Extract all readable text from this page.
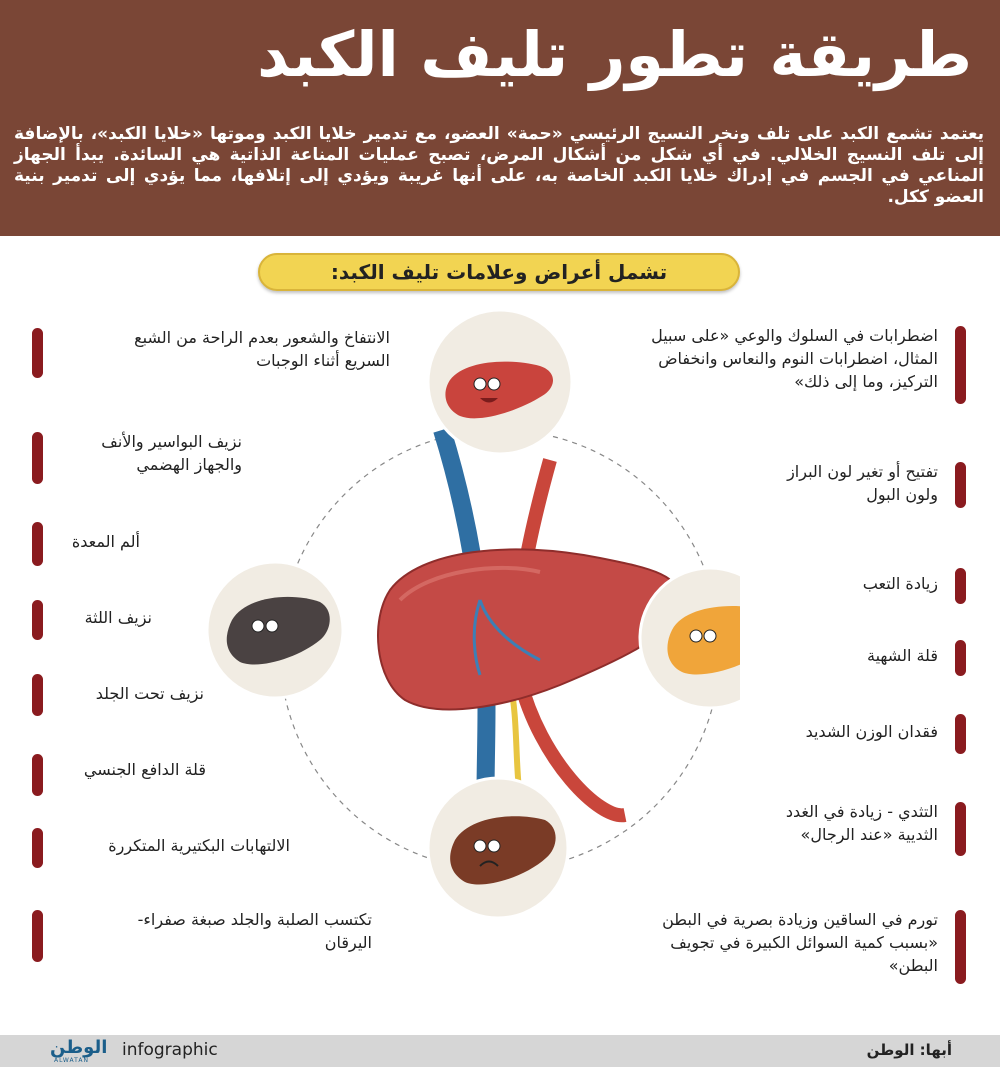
طريقة تطور تليف الكبد
يعتمد تشمع الكبد على تلف ونخر النسيج الرئيسي «حمة» العضو، مع تدمير خلايا الكبد وموتها «خلايا الكبد»، بالإضافة إلى تلف النسيج الخلالي. في أي شكل من أشكال المرض، تصبح عمليات المناعة الذاتية هي السائدة. يبدأ الجهاز المناعي في الجسم في إدراك خلايا الكبد الخاصة به، على أنها غريبة ويؤدي إلى إتلافها، مما يؤدي إلى تدمير بنية العضو ككل.
تشمل أعراض وعلامات تليف الكبد:
اضطرابات في السلوك والوعي «على سبيل
المثال، اضطرابات النوم والنعاس وانخفاض
التركيز، وما إلى ذلك»
تفتيح أو تغير لون البراز
ولون البول
زيادة التعب
قلة الشهية
فقدان الوزن الشديد
التثدي - زيادة في الغدد
الثديية «عند الرجال»
تورم في الساقين وزيادة بصرية في البطن
«بسبب كمية السوائل الكبيرة في تجويف
البطن»
الانتفاخ والشعور بعدم الراحة من الشبع
السريع أثناء الوجبات
نزيف البواسير والأنف
والجهاز الهضمي
ألم المعدة
نزيف اللثة
نزيف تحت الجلد
قلة الدافع الجنسي
الالتهابات البكتيرية المتكررة
تكتسب الصلبة والجلد صبغة صفراء-
اليرقان
أبها: الوطن
infographic
الوطن
ALWATAN
